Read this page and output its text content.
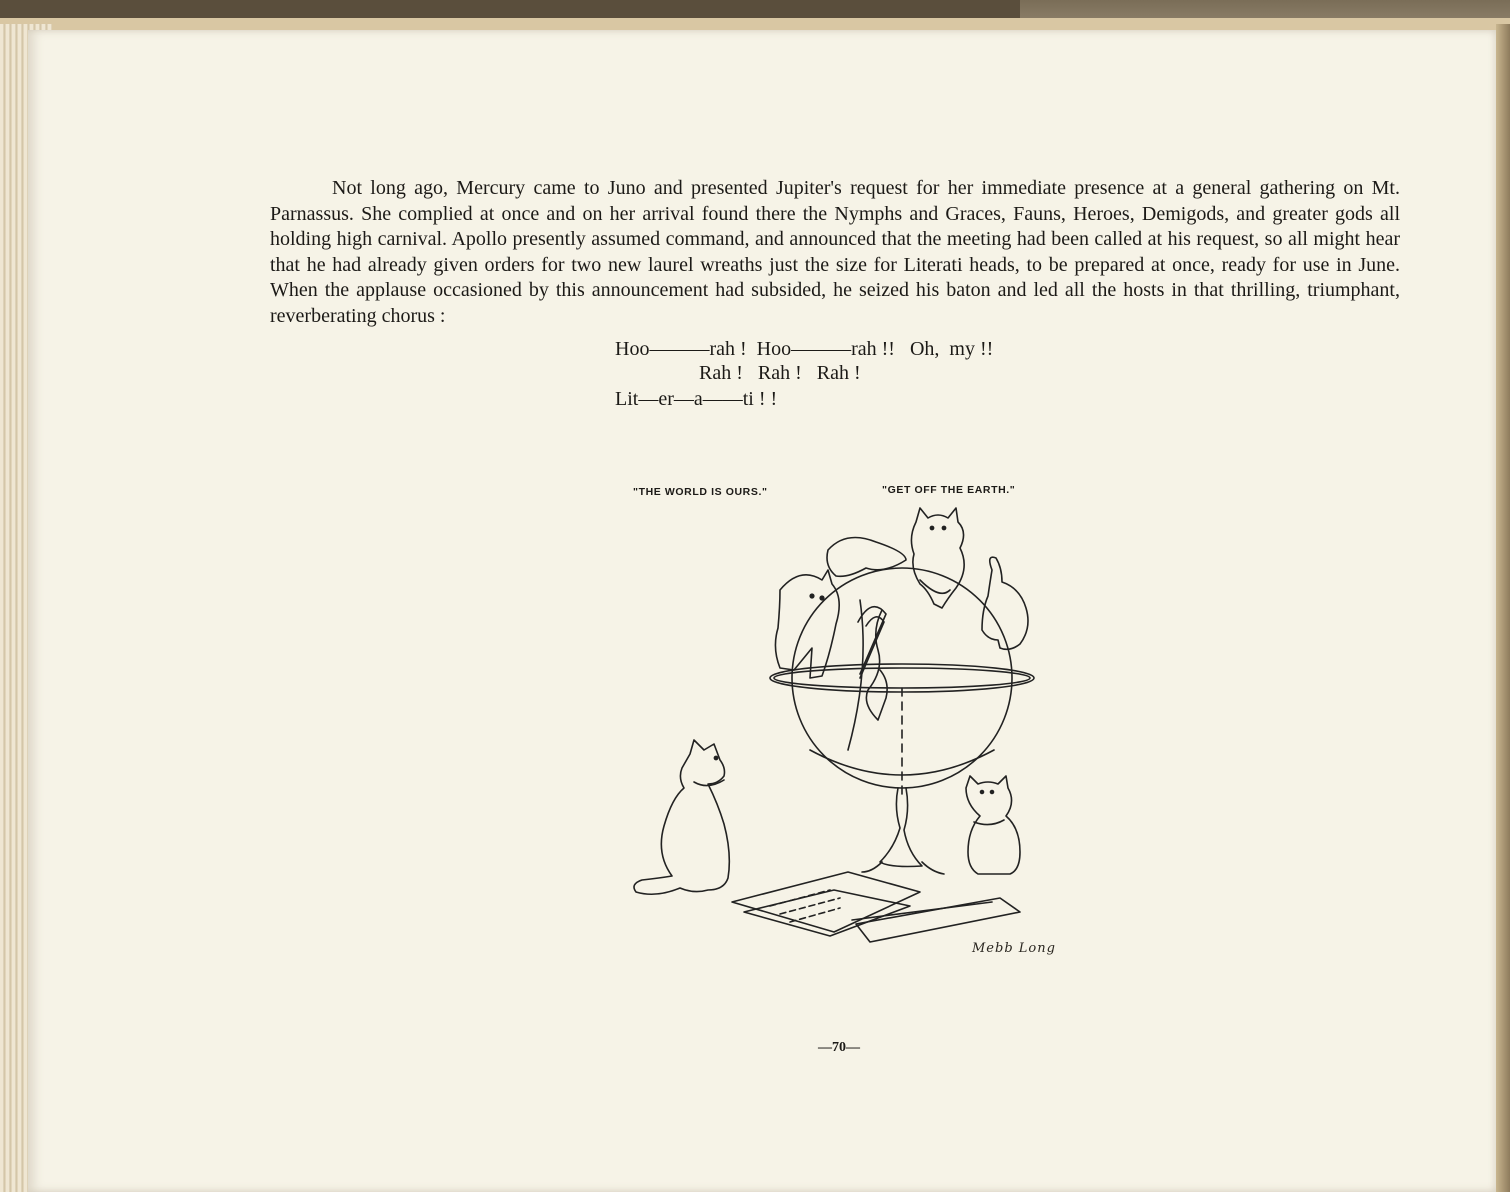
Not long ago, Mercury came to Juno and presented Jupiter's request for her immediate presence at a general gathering on Mt. Parnassus. She complied at once and on her arrival found there the Nymphs and Graces, Fauns, Heroes, Demigods, and greater gods all holding high carnival. Apollo presently assumed command, and announced that the meeting had been called at his request, so all might hear that he had already given orders for two new laurel wreaths just the size for Literati heads, to be prepared at once, ready for use in June. When the applause occasioned by this announcement had subsided, he seized his baton and led all the hosts in that thrilling, triumphant, reverberating chorus :

Hoo———rah !  Hoo———rah !!   Oh,  my !!
Rah !   Rah !   Rah !
Lit—er—a——ti ! !
"THE WORLD IS OURS."	"GET OFF THE EARTH."
Mebb Long
—70—
